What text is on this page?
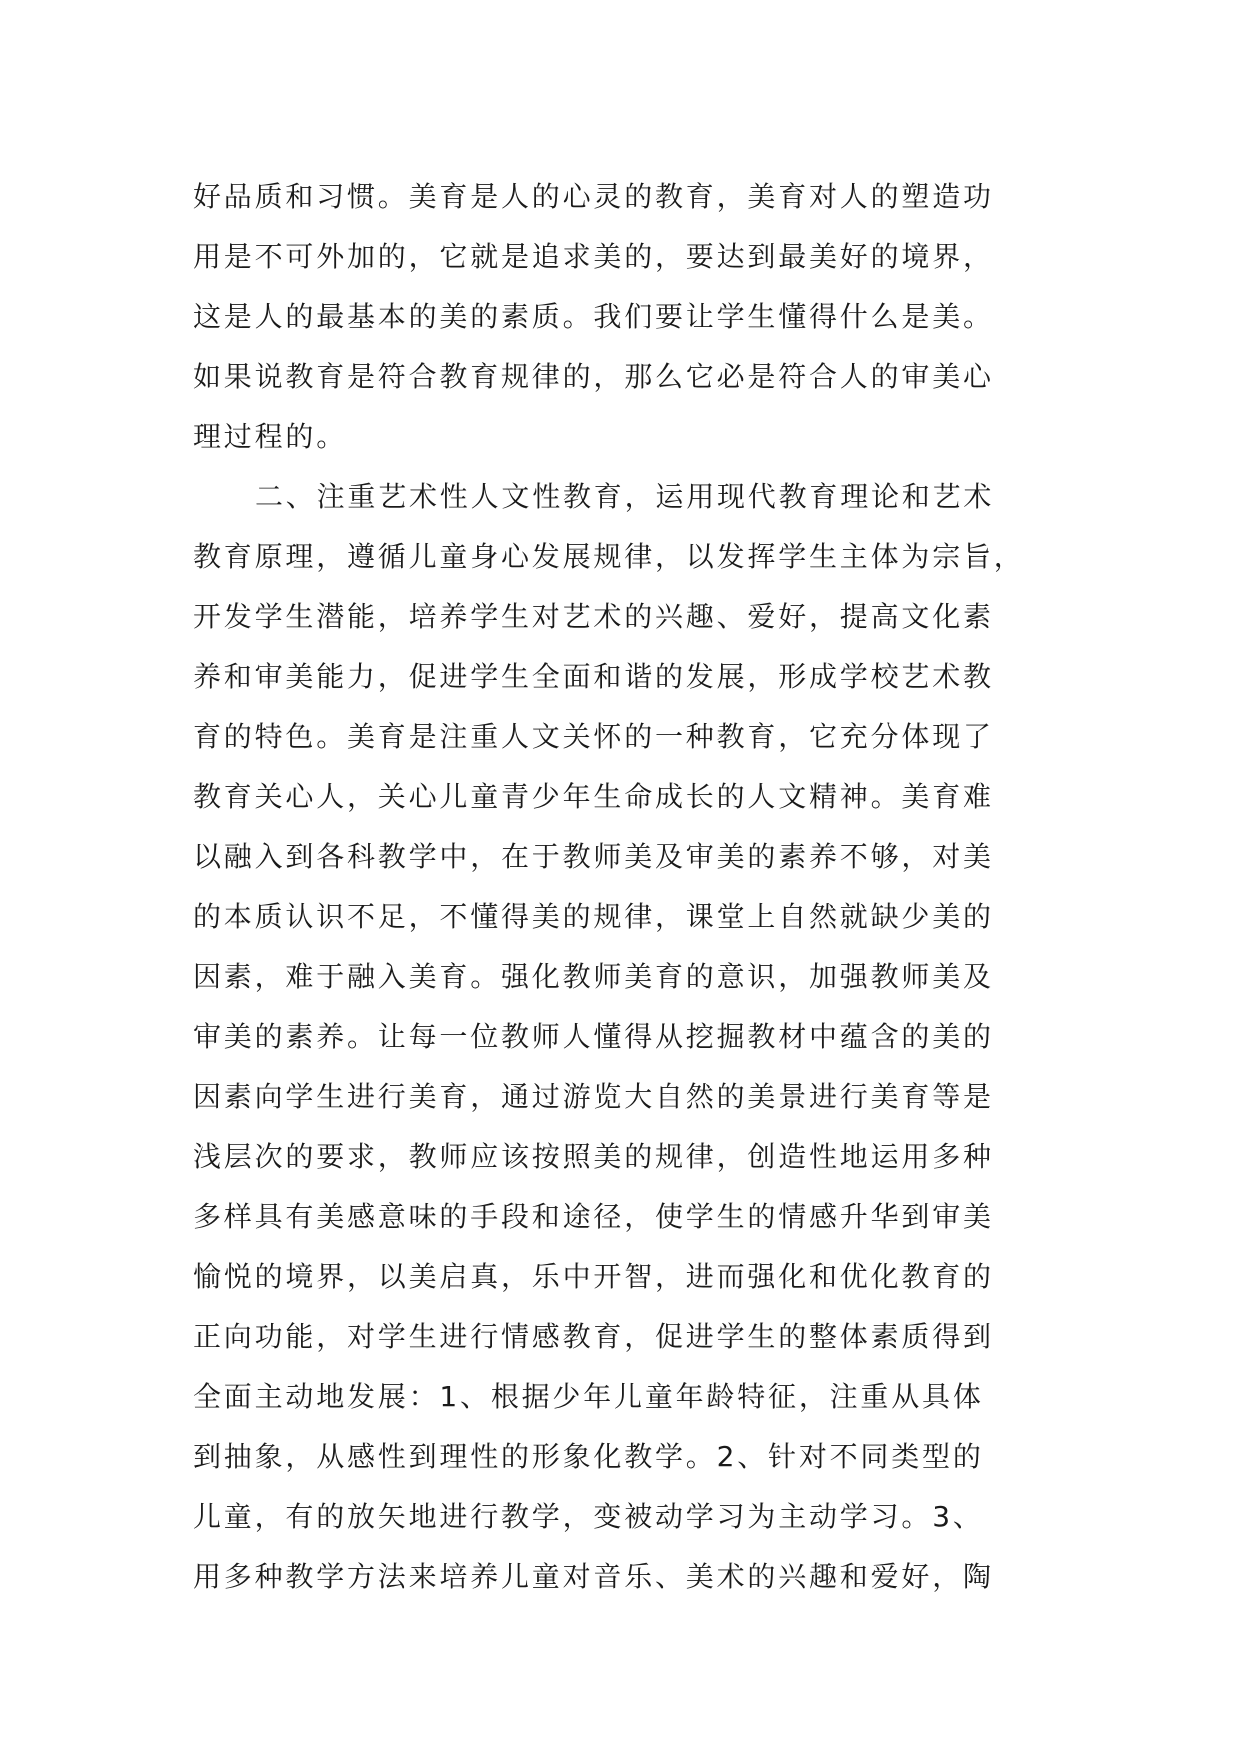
好品质和习惯。美育是人的心灵的教育，美育对人的塑造功
用是不可外加的，它就是追求美的，要达到最美好的境界，
这是人的最基本的美的素质。我们要让学生懂得什么是美。
如果说教育是符合教育规律的，那么它必是符合人的审美心
理过程的。
二、注重艺术性人文性教育，运用现代教育理论和艺术
教育原理，遵循儿童身心发展规律，以发挥学生主体为宗旨，
开发学生潜能，培养学生对艺术的兴趣、爱好，提高文化素
养和审美能力，促进学生全面和谐的发展，形成学校艺术教
育的特色。美育是注重人文关怀的一种教育，它充分体现了
教育关心人，关心儿童青少年生命成长的人文精神。美育难
以融入到各科教学中，在于教师美及审美的素养不够，对美
的本质认识不足，不懂得美的规律，课堂上自然就缺少美的
因素，难于融入美育。强化教师美育的意识，加强教师美及
审美的素养。让每一位教师人懂得从挖掘教材中蕴含的美的
因素向学生进行美育，通过游览大自然的美景进行美育等是
浅层次的要求，教师应该按照美的规律，创造性地运用多种
多样具有美感意味的手段和途径，使学生的情感升华到审美
愉悦的境界，以美启真，乐中开智，进而强化和优化教育的
正向功能，对学生进行情感教育，促进学生的整体素质得到
全面主动地发展：1、根据少年儿童年龄特征，注重从具体
到抽象，从感性到理性的形象化教学。2、针对不同类型的
儿童，有的放矢地进行教学，变被动学习为主动学习。3、
用多种教学方法来培养儿童对音乐、美术的兴趣和爱好，陶
